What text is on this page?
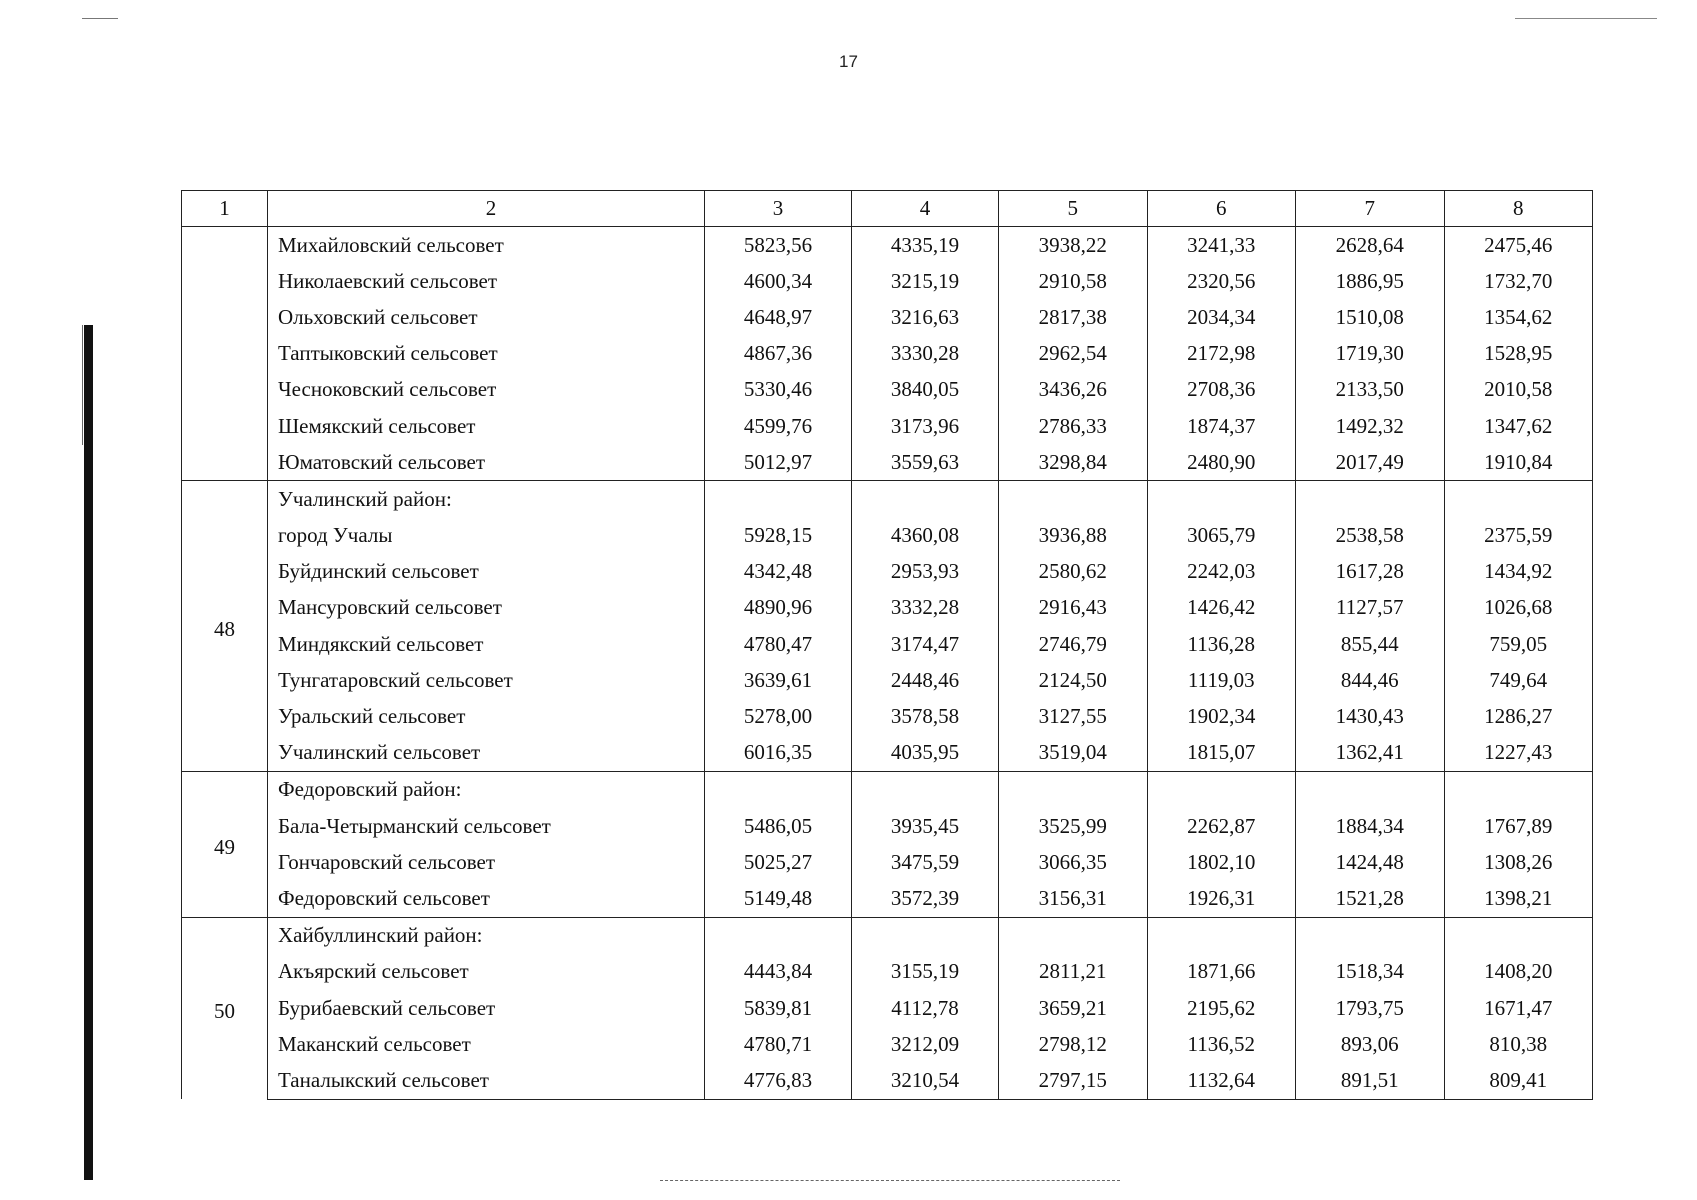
17
1	2	3	4	5	6	7	8
	Михайловский сельсовет	5823,56	4335,19	3938,22	3241,33	2628,64	2475,46
	Николаевский сельсовет	4600,34	3215,19	2910,58	2320,56	1886,95	1732,70
	Ольховский сельсовет	4648,97	3216,63	2817,38	2034,34	1510,08	1354,62
	Таптыковский сельсовет	4867,36	3330,28	2962,54	2172,98	1719,30	1528,95
	Чесноковский сельсовет	5330,46	3840,05	3436,26	2708,36	2133,50	2010,58
	Шемякский сельсовет	4599,76	3173,96	2786,33	1874,37	1492,32	1347,62
	Юматовский сельсовет	5012,97	3559,63	3298,84	2480,90	2017,49	1910,84
48	Учалинский район:						
	город Учалы	5928,15	4360,08	3936,88	3065,79	2538,58	2375,59
	Буйдинский сельсовет	4342,48	2953,93	2580,62	2242,03	1617,28	1434,92
	Мансуровский сельсовет	4890,96	3332,28	2916,43	1426,42	1127,57	1026,68
	Миндякский сельсовет	4780,47	3174,47	2746,79	1136,28	855,44	759,05
	Тунгатаровский сельсовет	3639,61	2448,46	2124,50	1119,03	844,46	749,64
	Уральский сельсовет	5278,00	3578,58	3127,55	1902,34	1430,43	1286,27
	Учалинский сельсовет	6016,35	4035,95	3519,04	1815,07	1362,41	1227,43
49	Федоровский район:						
	Бала-Четырманский сельсовет	5486,05	3935,45	3525,99	2262,87	1884,34	1767,89
	Гончаровский сельсовет	5025,27	3475,59	3066,35	1802,10	1424,48	1308,26
	Федоровский сельсовет	5149,48	3572,39	3156,31	1926,31	1521,28	1398,21
50	Хайбуллинский район:						
	Акъярский сельсовет	4443,84	3155,19	2811,21	1871,66	1518,34	1408,20
	Бурибаевский сельсовет	5839,81	4112,78	3659,21	2195,62	1793,75	1671,47
	Маканский сельсовет	4780,71	3212,09	2798,12	1136,52	893,06	810,38
	Таналыкский сельсовет	4776,83	3210,54	2797,15	1132,64	891,51	809,41
